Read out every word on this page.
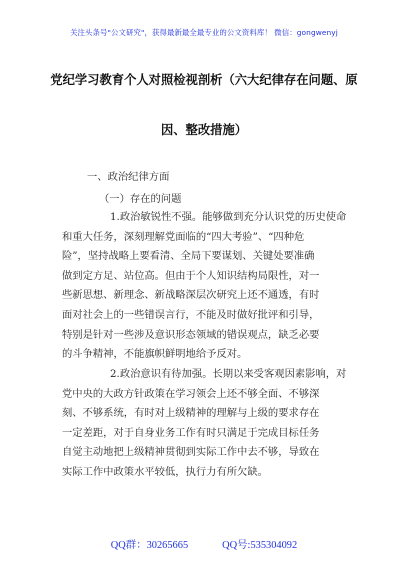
关注头条号"公文研究"，获得最新最全最专业的公文资料库！ 微信：gongwenyj
党纪学习教育个人对照检视剖析（六大纪律存在问题、原
因、整改措施）
一、政治纪律方面
（一）存在的问题
1.政治敏锐性不强。能够做到充分认识党的历史使命
和重大任务，深刻理解党面临的“四大考验”、“四种危
险”，坚持战略上要看清、全局下要谋划、关键处要准确
做到定方足、站位高。但由于个人知识结构局限性，对一
些新思想、新理念、新战略深层次研究上还不通透，有时
面对社会上的一些错误言行，不能及时做好批评和引导，
特别是针对一些涉及意识形态领域的错误观点，缺乏必要
的斗争精神，不能旗帜鲜明地给予反对。
2.政治意识有待加强。长期以来受客观因素影响，对
党中央的大政方针政策在学习领会上还不够全面、不够深
刻、不够系统，有时对上级精神的理解与上级的要求存在
一定差距，对于自身业务工作有时只满足于完成目标任务
自觉主动地把上级精神贯彻到实际工作中去不够，导致在
实际工作中政策水平较低，执行力有所欠缺。
QQ群：30265665	QQ号:535304092
